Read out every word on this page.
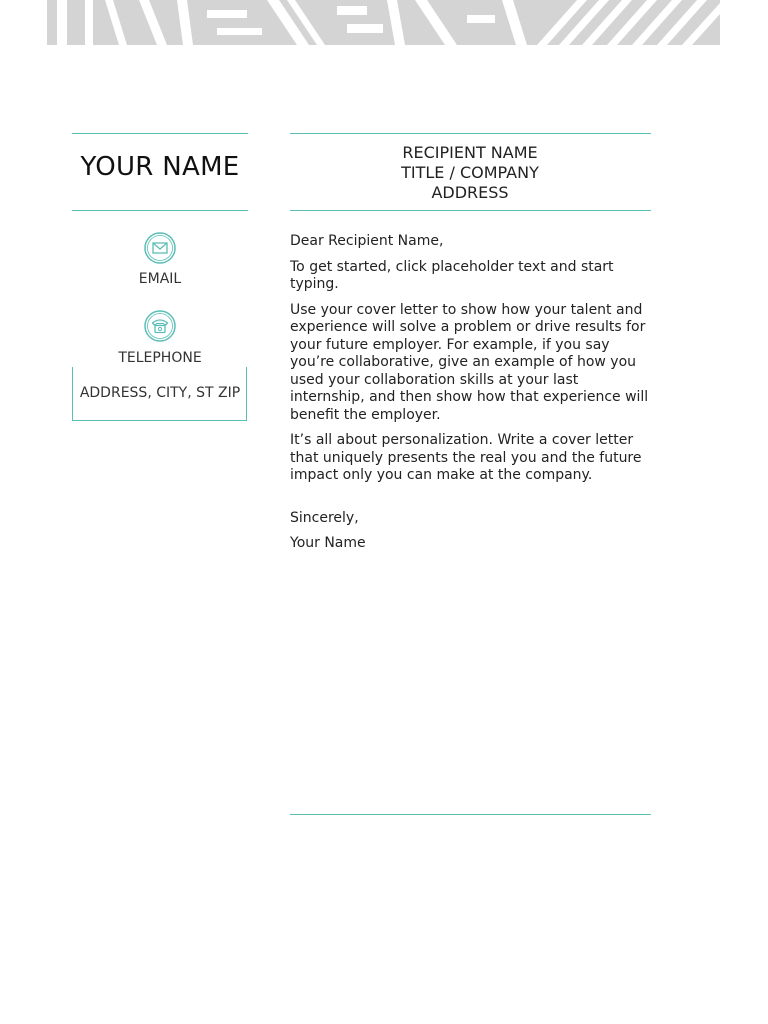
YOUR NAME
EMAIL
TELEPHONE
ADDRESS, CITY, ST ZIP
RECIPIENT NAME
TITLE / COMPANY
ADDRESS

Dear Recipient Name,

To get started, click placeholder text and start typing.

Use your cover letter to show how your talent and experience will solve a problem or drive results for your future employer. For example, if you say you’re collaborative, give an example of how you used your collaboration skills at your last internship, and then show how that experience will benefit the employer.

It’s all about personalization. Write a cover letter that uniquely presents the real you and the future impact only you can make at the company.

Sincerely,

Your Name
